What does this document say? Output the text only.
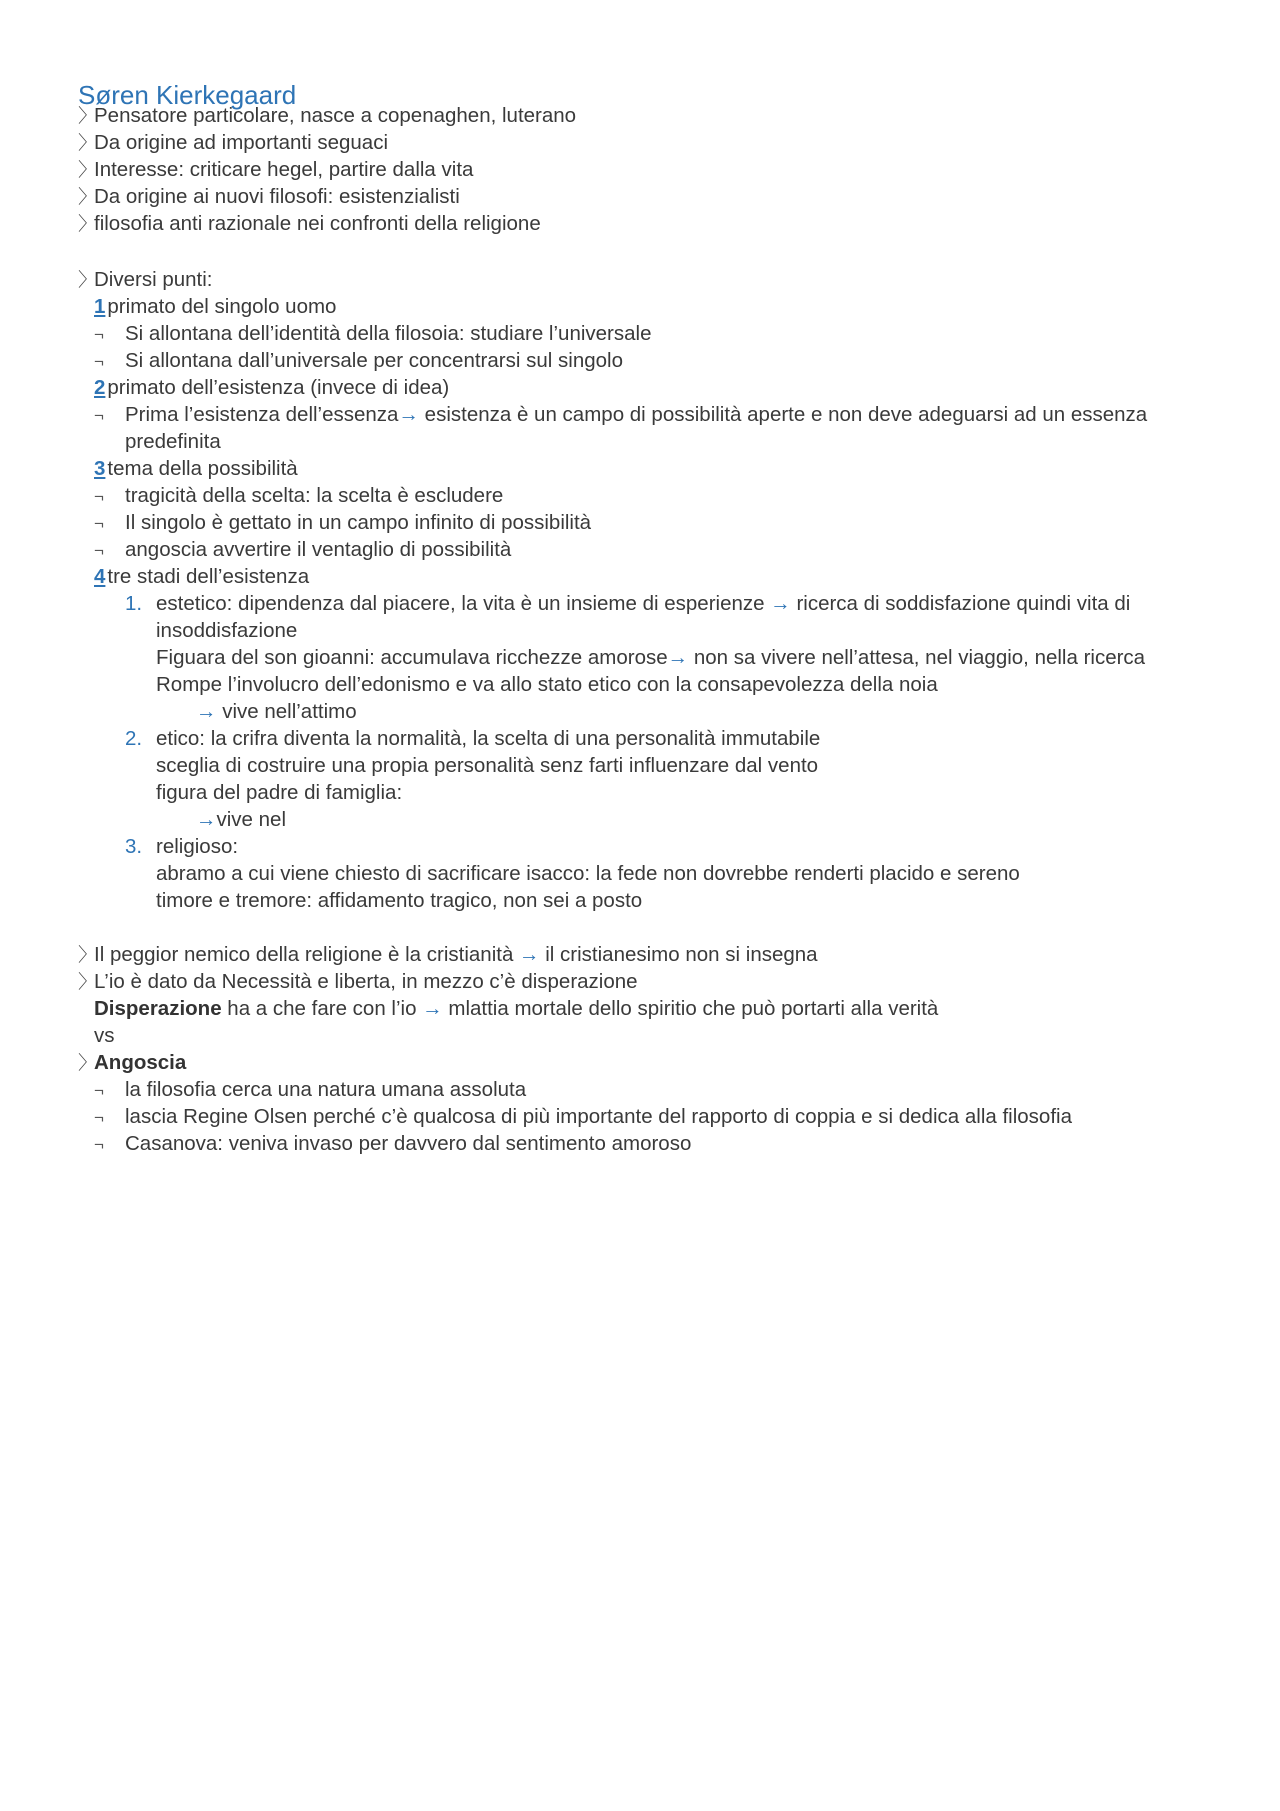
Søren Kierkegaard
〉Pensatore particolare, nasce a copenaghen, luterano
〉Da origine ad importanti seguaci
〉Interesse: criticare hegel, partire dalla vita
〉Da origine ai nuovi filosofi: esistenzialisti
〉filosofia anti razionale nei confronti della religione
〉Diversi punti:
1primato del singolo uomo
¬ Si allontana dell’identità della filosoia: studiare l’universale
¬ Si allontana dall’universale per concentrarsi sul singolo
2primato dell’esistenza (invece di idea)
¬ Prima l’esistenza dell’essenza→ esistenza è un campo di possibilità aperte e non deve adeguarsi ad un essenza
predefinita
3tema della possibilità
¬ tragicità della scelta: la scelta è escludere
¬ Il singolo è gettato in un campo infinito di possibilità
¬ angoscia avvertire il ventaglio di possibilità
4tre stadi dell’esistenza
1. estetico: dipendenza dal piacere, la vita è un insieme di esperienze → ricerca di soddisfazione quindi vita di
insoddisfazione
Figuara del son gioanni: accumulava ricchezze amorose→ non sa vivere nell’attesa, nel viaggio, nella ricerca
Rompe l’involucro dell’edonismo e va allo stato etico con la consapevolezza della noia
→ vive nell’attimo
2. etico: la crifra diventa la normalità, la scelta di una personalità immutabile
sceglia di costruire una propia personalità senz farti influenzare dal vento
figura del padre di famiglia:
→vive nel
3. religioso:
abramo a cui viene chiesto di sacrificare isacco: la fede non dovrebbe renderti placido e sereno
timore e tremore: affidamento tragico, non sei a posto
〉Il peggior nemico della religione è la cristianità → il cristianesimo non si insegna
〉L’io è dato da Necessità e liberta, in mezzo c’è disperazione
Disperazione ha a che fare con l’io → mlattia mortale dello spiritio che può portarti alla verità
vs
〉Angoscia
¬ la filosofia cerca una natura umana assoluta
¬ lascia Regine Olsen perché c’è qualcosa di più importante del rapporto di coppia e si dedica alla filosofia
¬ Casanova: veniva invaso per davvero dal sentimento amoroso
